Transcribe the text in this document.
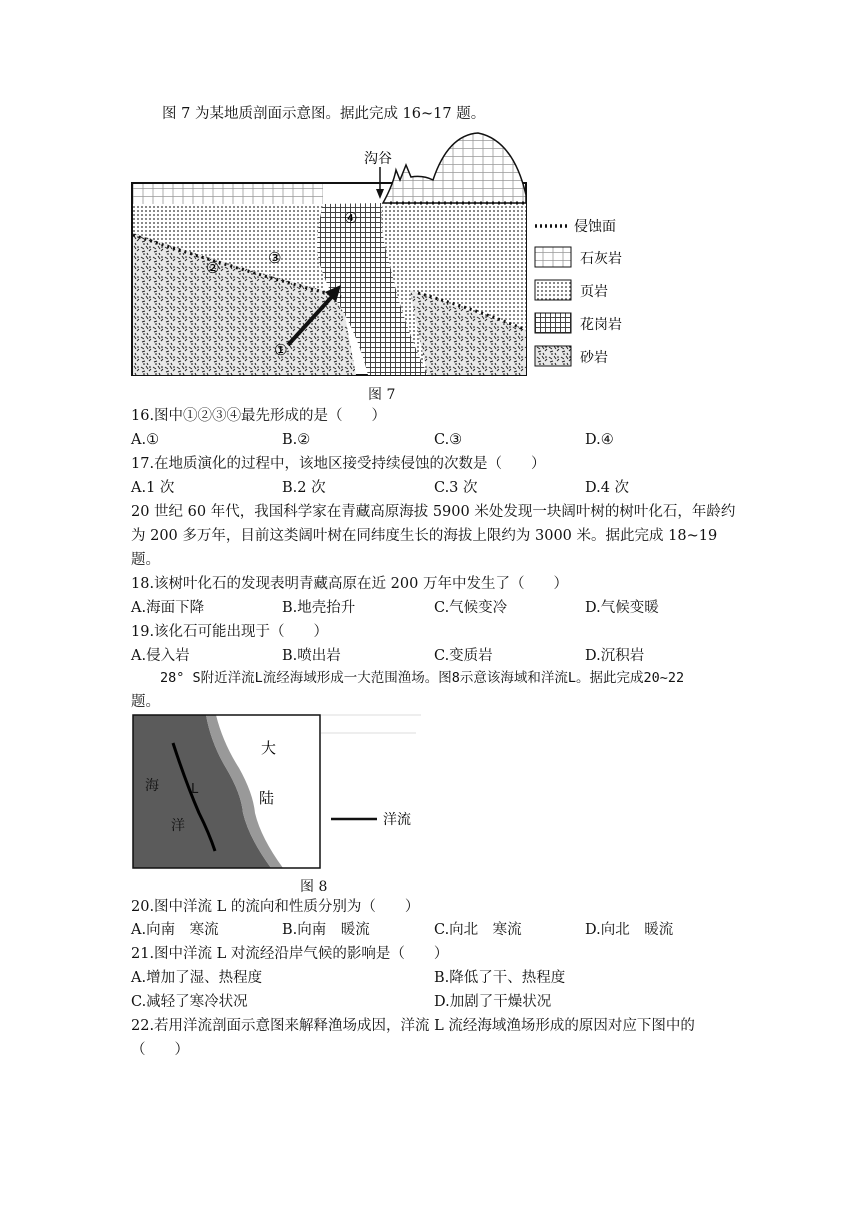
图 7 为某地质剖面示意图。据此完成 16~17 题。
沟谷
①
②
③
④	侵蚀面
石灰岩
页岩
花岗岩
砂岩
图 7
16.图中①②③④最先形成的是（　　）
A.①	B.②	C.③	D.④
17.在地质演化的过程中，该地区接受持续侵蚀的次数是（　　）
A.1 次	B.2 次	C.3 次	D.4 次
20 世纪 60 年代，我国科学家在青藏高原海拔 5900 米处发现一块阔叶树的树叶化石，年龄约为 200 多万年，目前这类阔叶树在同纬度生长的海拔上限约为 3000 米。据此完成 18~19 题。
18.该树叶化石的发现表明青藏高原在近 200 万年中发生了（　　）
A.海面下降	B.地壳抬升	C.气候变冷	D.气候变暖
19.该化石可能出现于（　　）
A.侵入岩	B.喷出岩	C.变质岩	D.沉积岩
28° S附近洋流L流经海域形成一大范围渔场。图8示意该海域和洋流L。据此完成20~22
题。
海
洋
L
大
陆
洋流
图 8
20.图中洋流 L 的流向和性质分别为（　　）
A.向南　寒流	B.向南　暖流	C.向北　寒流	D.向北　暖流
21.图中洋流 L 对流经沿岸气候的影响是（　　）
A.增加了湿、热程度	B.降低了干、热程度
C.减轻了寒冷状况	D.加剧了干燥状况
22.若用洋流剖面示意图来解释渔场成因，洋流 L 流经海域渔场形成的原因对应下图中的
（　　）
